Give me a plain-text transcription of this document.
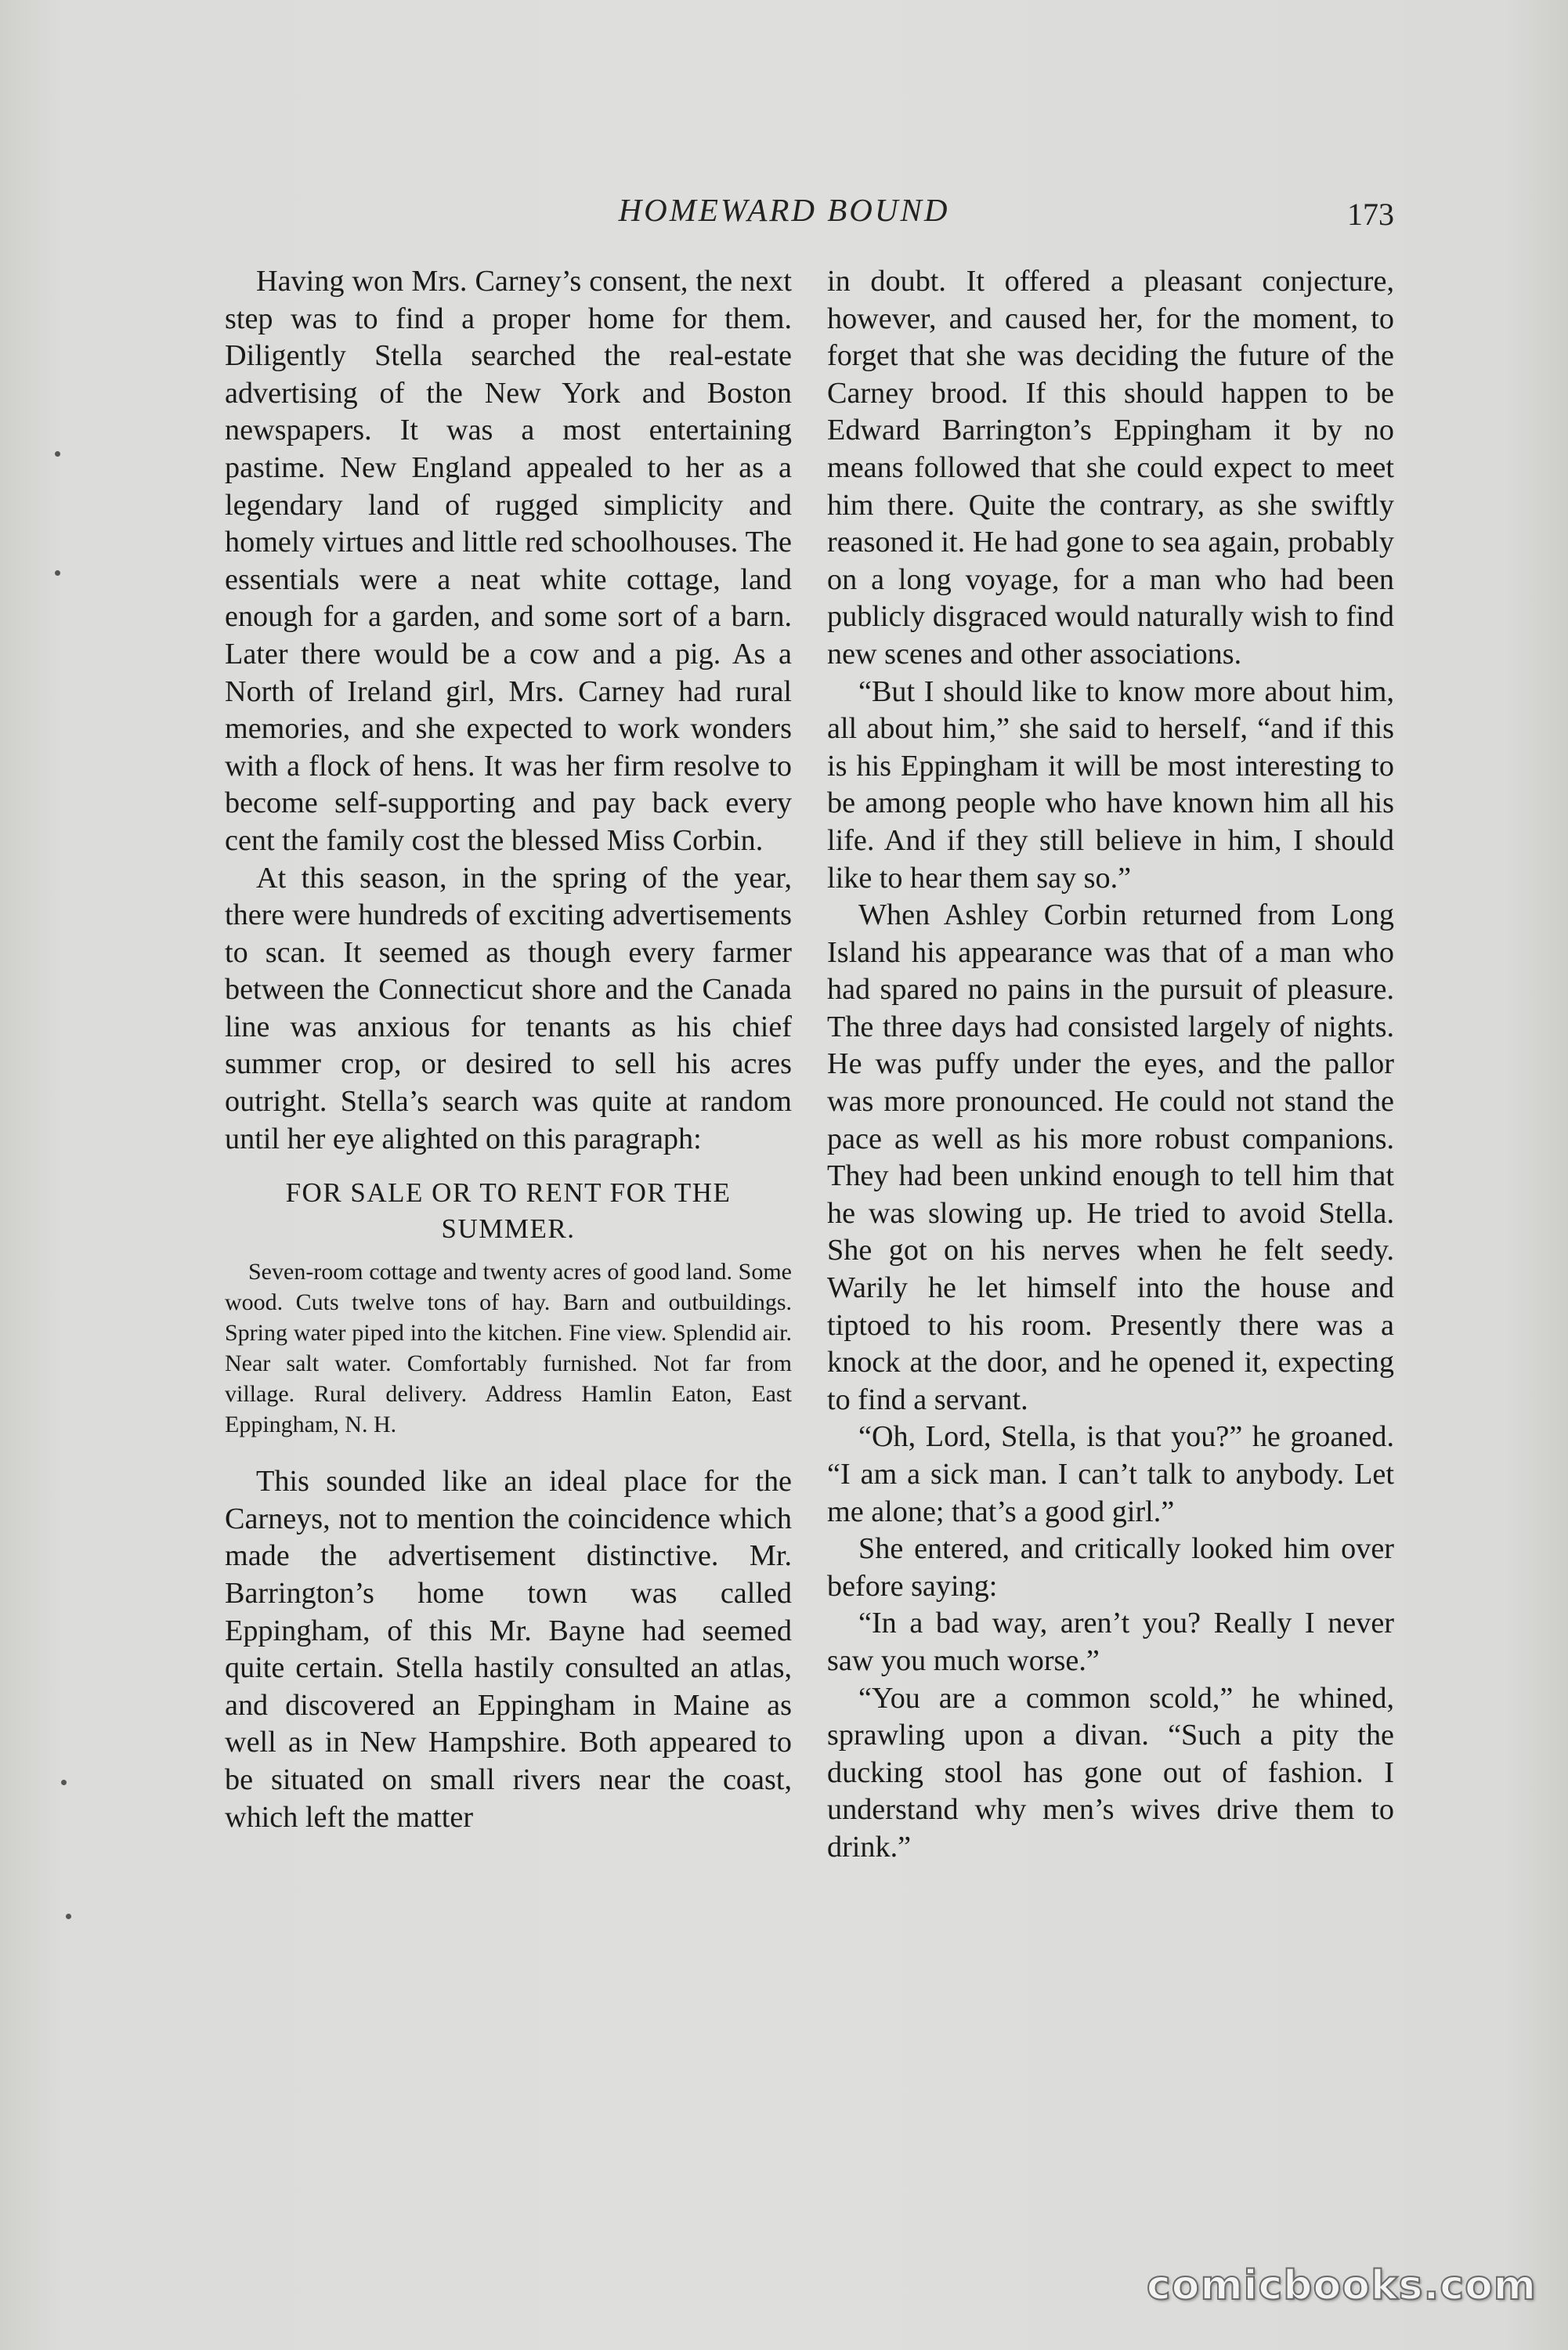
HOMEWARD BOUND	173

Having won Mrs. Carney’s consent, the next step was to find a proper home for them. Diligently Stella searched the real-estate advertising of the New York and Boston newspapers. It was a most entertaining pastime. New England appealed to her as a legendary land of rugged simplicity and homely virtues and little red schoolhouses. The essentials were a neat white cottage, land enough for a garden, and some sort of a barn. Later there would be a cow and a pig. As a North of Ireland girl, Mrs. Carney had rural memories, and she expected to work wonders with a flock of hens. It was her firm resolve to become self-supporting and pay back every cent the family cost the blessed Miss Corbin.

At this season, in the spring of the year, there were hundreds of exciting advertisements to scan. It seemed as though every farmer between the Connecticut shore and the Canada line was anxious for tenants as his chief summer crop, or desired to sell his acres outright. Stella’s search was quite at random until her eye alighted on this paragraph:

FOR SALE OR TO RENT FOR THE SUMMER.
Seven-room cottage and twenty acres of good land. Some wood. Cuts twelve tons of hay. Barn and outbuildings. Spring water piped into the kitchen. Fine view. Splendid air. Near salt water. Comfortably furnished. Not far from village. Rural delivery. Address Hamlin Eaton, East Eppingham, N. H.

This sounded like an ideal place for the Carneys, not to mention the coincidence which made the advertisement distinctive. Mr. Barrington’s home town was called Eppingham, of this Mr. Bayne had seemed quite certain. Stella hastily consulted an atlas, and discovered an Eppingham in Maine as well as in New Hampshire. Both appeared to be situated on small rivers near the coast, which left the matter

in doubt. It offered a pleasant conjecture, however, and caused her, for the moment, to forget that she was deciding the future of the Carney brood. If this should happen to be Edward Barrington’s Eppingham it by no means followed that she could expect to meet him there. Quite the contrary, as she swiftly reasoned it. He had gone to sea again, probably on a long voyage, for a man who had been publicly disgraced would naturally wish to find new scenes and other associations.

“But I should like to know more about him, all about him,” she said to herself, “and if this is his Eppingham it will be most interesting to be among people who have known him all his life. And if they still believe in him, I should like to hear them say so.”

When Ashley Corbin returned from Long Island his appearance was that of a man who had spared no pains in the pursuit of pleasure. The three days had consisted largely of nights. He was puffy under the eyes, and the pallor was more pronounced. He could not stand the pace as well as his more robust companions. They had been unkind enough to tell him that he was slowing up. He tried to avoid Stella. She got on his nerves when he felt seedy. Warily he let himself into the house and tiptoed to his room. Presently there was a knock at the door, and he opened it, expecting to find a servant.

“Oh, Lord, Stella, is that you?” he groaned. “I am a sick man. I can’t talk to anybody. Let me alone; that’s a good girl.”

She entered, and critically looked him over before saying:

“In a bad way, aren’t you? Really I never saw you much worse.”

“You are a common scold,” he whined, sprawling upon a divan. “Such a pity the ducking stool has gone out of fashion. I understand why men’s wives drive them to drink.”

comicbooks.com
